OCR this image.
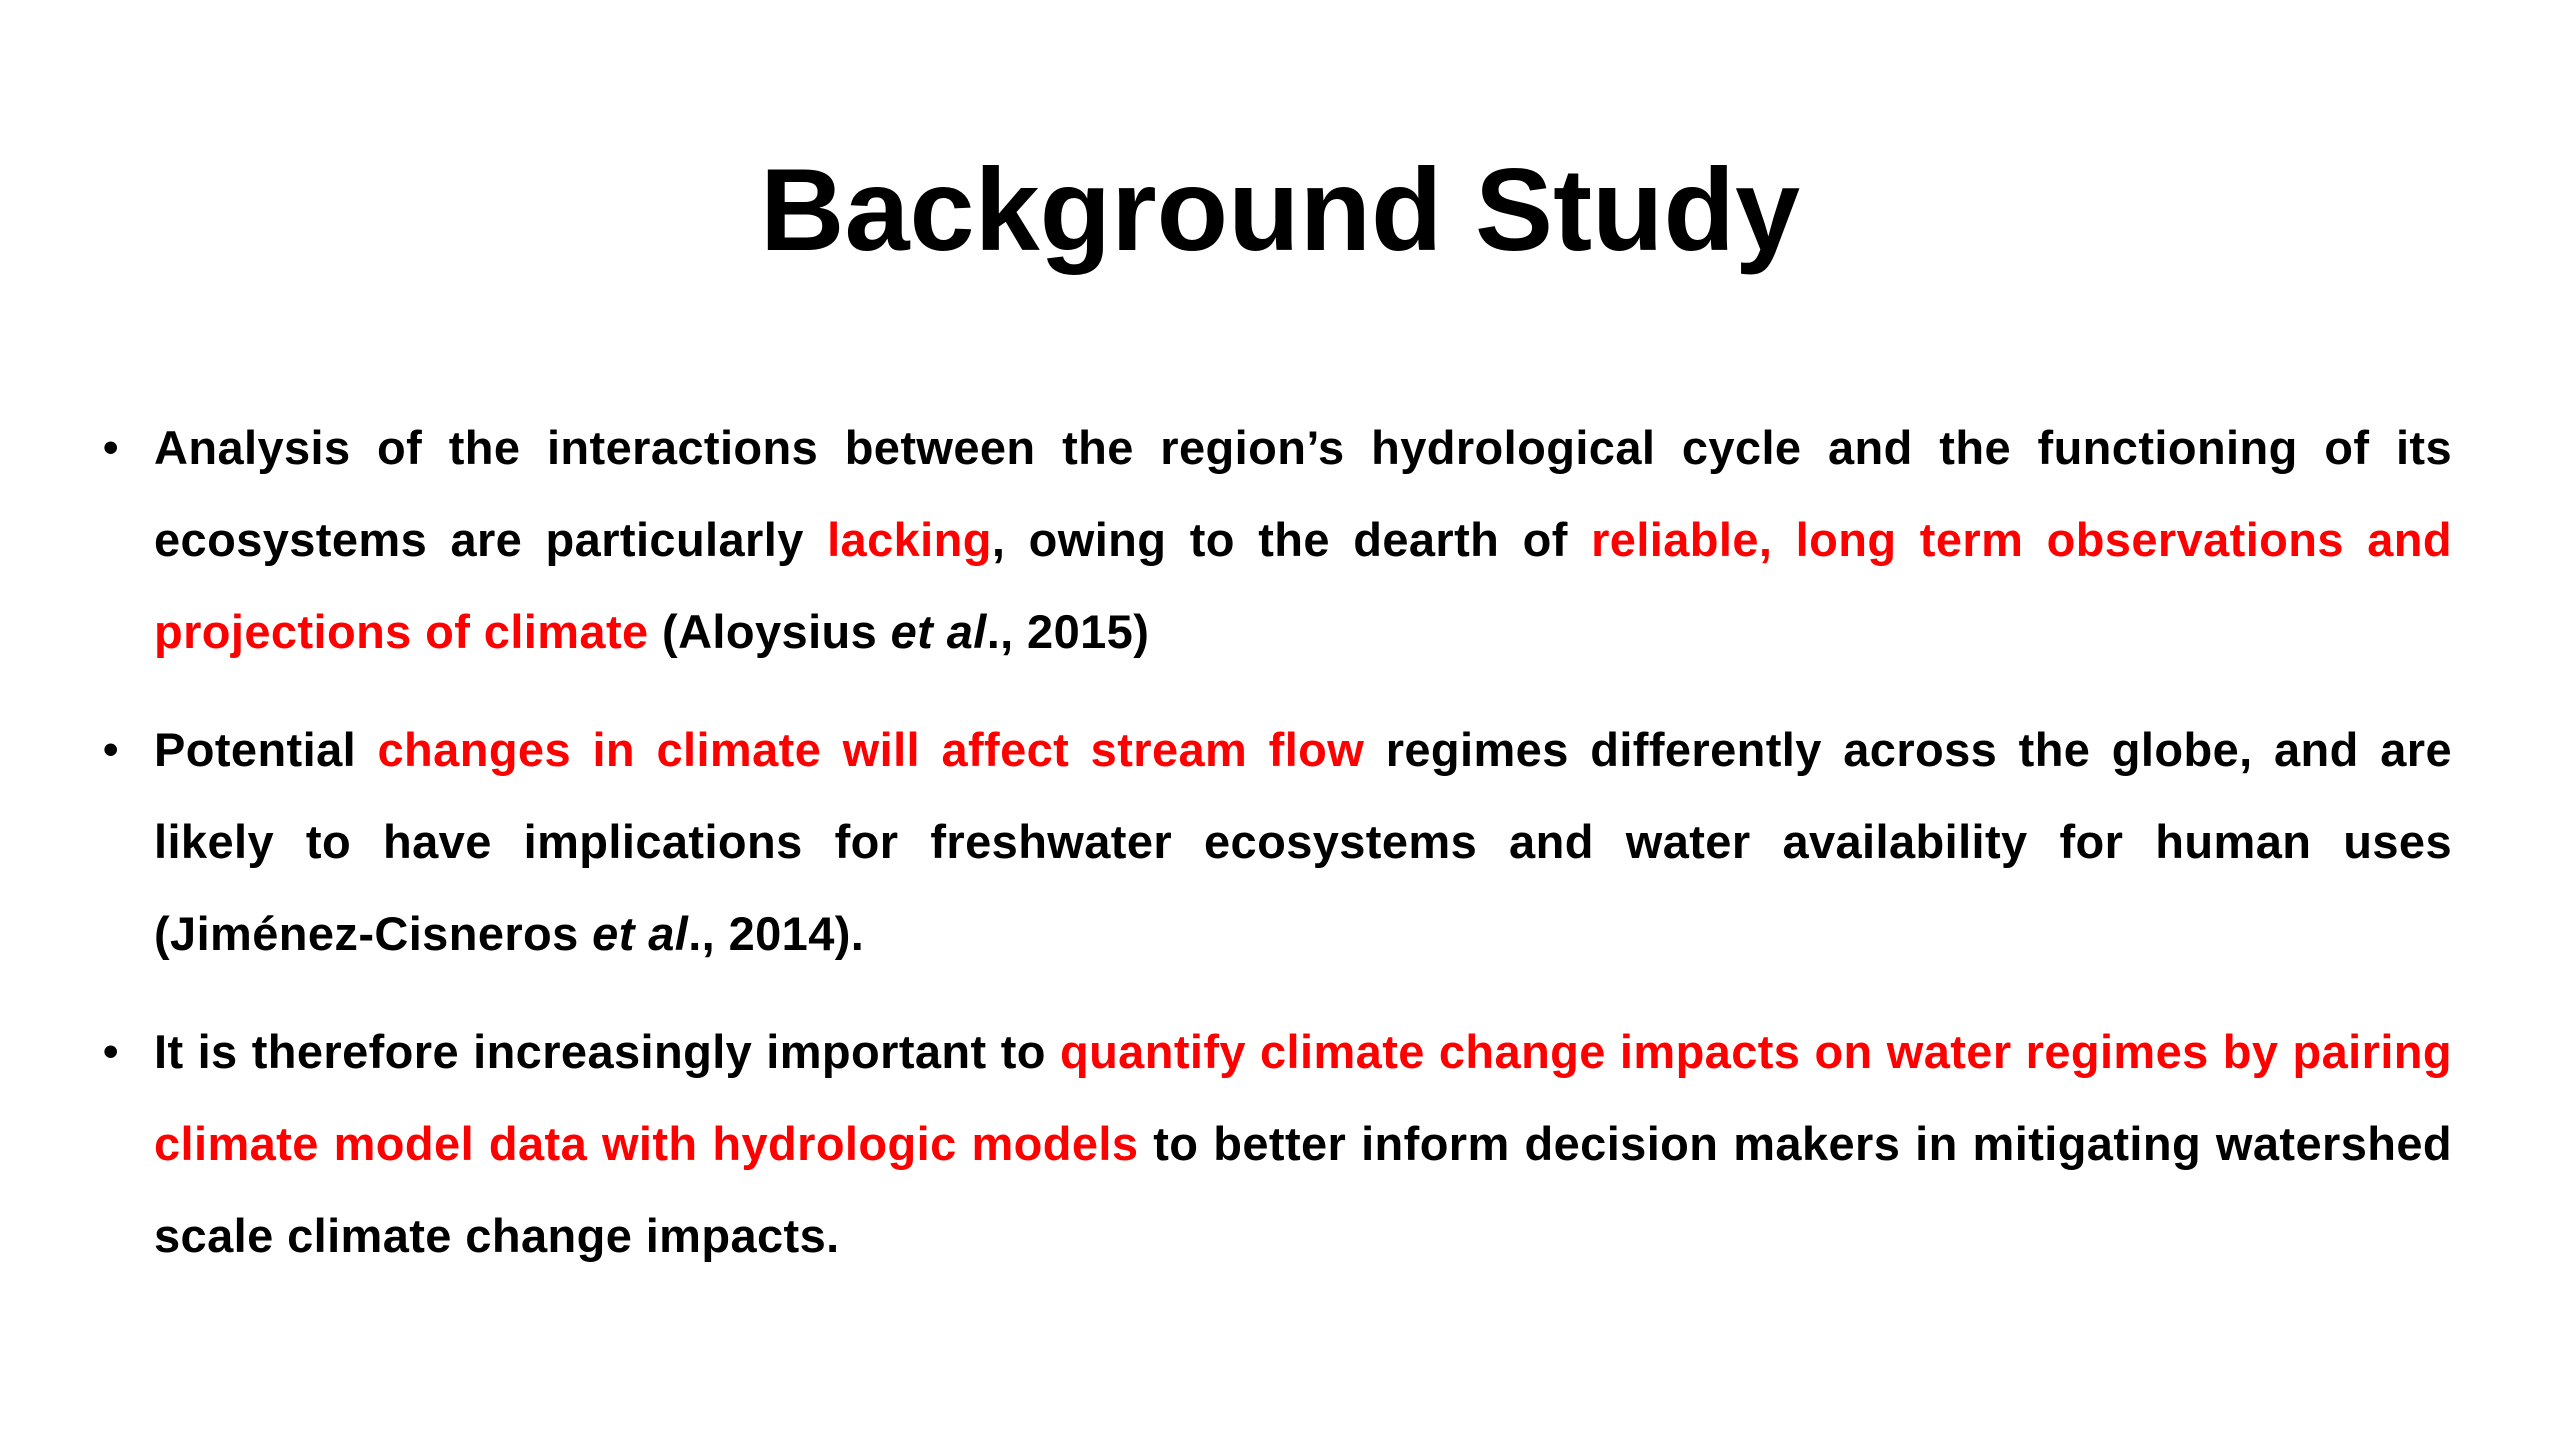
Background Study
• Analysis of the interactions between the region’s hydrological cycle and the functioning of its ecosystems are particularly lacking, owing to the dearth of reliable, long term observations and projections of climate (Aloysius et al., 2015)
• Potential changes in climate will affect stream flow regimes differently across the globe, and are likely to have implications for freshwater ecosystems and water availability for human uses (Jiménez-Cisneros et al., 2014).
• It is therefore increasingly important to quantify climate change impacts on water regimes by pairing climate model data with hydrologic models to better inform decision makers in mitigating watershed scale climate change impacts.
